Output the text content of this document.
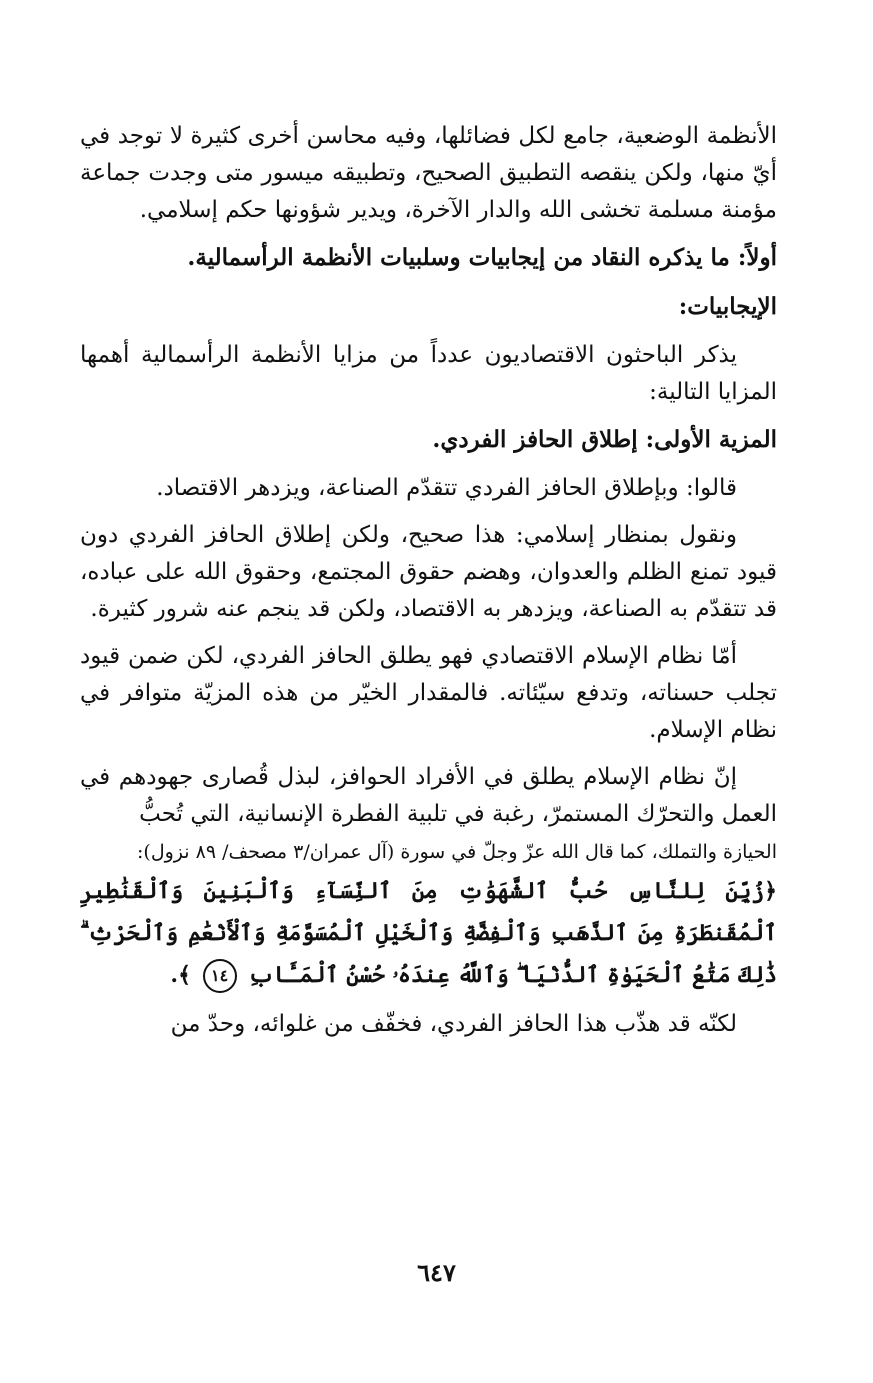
الأنظمة الوضعية، جامع لكل فضائلها، وفيه محاسن أخرى كثيرة لا توجد في أيّ منها، ولكن ينقصه التطبيق الصحيح، وتطبيقه ميسور متى وجدت جماعة مؤمنة مسلمة تخشى الله والدار الآخرة، ويدير شؤونها حكم إسلامي.

أولاً: ما يذكره النقاد من إيجابيات وسلبيات الأنظمة الرأسمالية.
الإيجابيات:

يذكر الباحثون الاقتصاديون عدداً من مزايا الأنظمة الرأسمالية أهمها المزايا التالية:

المزية الأولى: إطلاق الحافز الفردي.

قالوا: وبإطلاق الحافز الفردي تتقدّم الصناعة، ويزدهر الاقتصاد.

ونقول بمنظار إسلامي: هذا صحيح، ولكن إطلاق الحافز الفردي دون قيود تمنع الظلم والعدوان، وهضم حقوق المجتمع، وحقوق الله على عباده، قد تتقدّم به الصناعة، ويزدهر به الاقتصاد، ولكن قد ينجم عنه شرور كثيرة.

أمّا نظام الإسلام الاقتصادي فهو يطلق الحافز الفردي، لكن ضمن قيود تجلب حسناته، وتدفع سيّئاته. فالمقدار الخيّر من هذه المزيّة متوافر في نظام الإسلام.

إنّ نظام الإسلام يطلق في الأفراد الحوافز، لبذل قُصارى جهودهم في العمل والتحرّك المستمرّ، رغبة في تلبية الفطرة الإنسانية، التي تُحبُّ
الحيازة والتملك، كما قال الله عزّ وجلّ في سورة (آل عمران/٣ مصحف/ ٨٩ نزول):

﴿زُيِّنَ لِلنَّاسِ حُبُّ ٱلشَّهَوَٰتِ مِنَ ٱلنِّسَآءِ وَٱلْبَنِينَ وَٱلْقَنَٰطِيرِ ٱلْمُقَنطَرَةِ مِنَ ٱلذَّهَبِ وَٱلْفِضَّةِ وَٱلْخَيْلِ ٱلْمُسَوَّمَةِ وَٱلْأَنْعَٰمِ وَٱلْحَرْثِ ۗ ذَٰلِكَ مَتَٰعُ ٱلْحَيَوٰةِ ٱلدُّنْيَا ۖ وَٱللَّهُ عِندَهُۥ حُسْنُ ٱلْمَـَٔابِ ١٤ ﴾.

لكنّه قد هذّب هذا الحافز الفردي، فخفّف من غلوائه، وحدّ من

٦٤٧
